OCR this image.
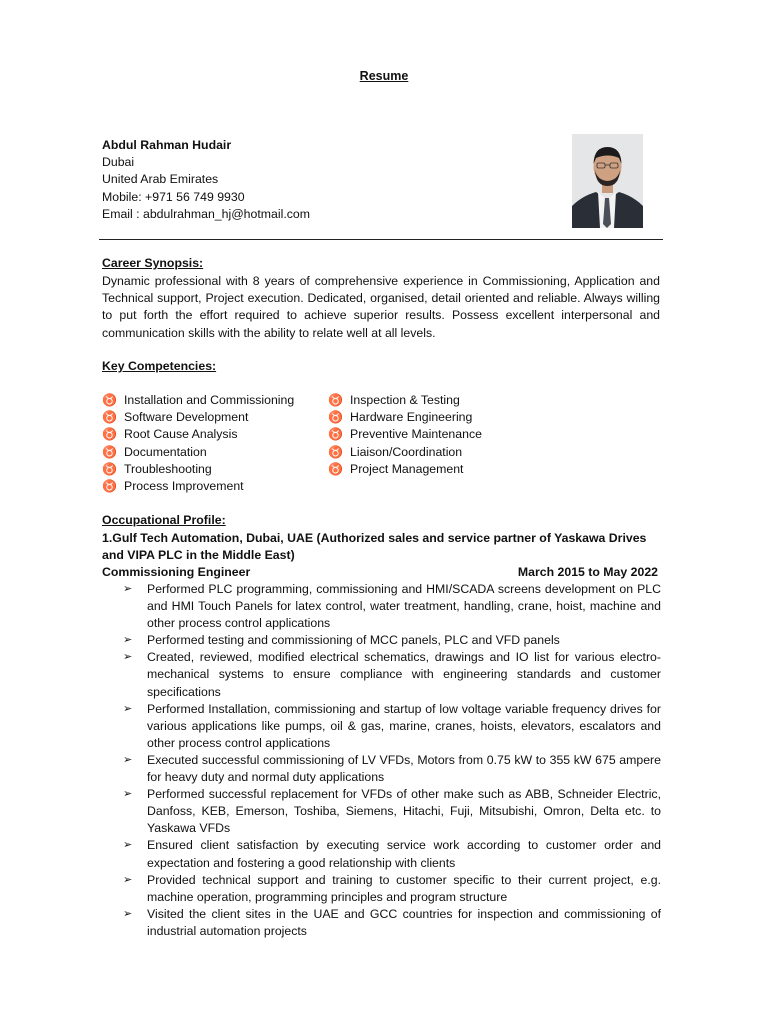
Resume
Abdul Rahman Hudair
Dubai
United Arab Emirates
Mobile: +971 56 749 9930
Email : abdulrahman_hj@hotmail.com
Career Synopsis:
Dynamic professional with 8 years of comprehensive experience in Commissioning, Application and Technical support, Project execution. Dedicated, organised, detail oriented and reliable. Always willing to put forth the effort required to achieve superior results. Possess excellent interpersonal and communication skills with the ability to relate well at all levels.
Key Competencies:
♉ Installation and Commissioning
♉ Software Development
♉ Root Cause Analysis
♉ Documentation
♉ Troubleshooting
♉ Process Improvement
♉ Inspection & Testing
♉ Hardware Engineering
♉ Preventive Maintenance
♉ Liaison/Coordination
♉ Project Management
Occupational Profile:
1.Gulf Tech Automation, Dubai, UAE (Authorized sales and service partner of Yaskawa Drives and VIPA PLC in the Middle East)
Commissioning Engineer	March 2015 to May 2022
➢ Performed PLC programming, commissioning and HMI/SCADA screens development on PLC and HMI Touch Panels for latex control, water treatment, handling, crane, hoist, machine and other process control applications
➢ Performed testing and commissioning of MCC panels, PLC and VFD panels
➢ Created, reviewed, modified electrical schematics, drawings and IO list for various electro-mechanical systems to ensure compliance with engineering standards and customer specifications
➢ Performed Installation, commissioning and startup of low voltage variable frequency drives for various applications like pumps, oil & gas, marine, cranes, hoists, elevators, escalators and other process control applications
➢ Executed successful commissioning of LV VFDs, Motors from 0.75 kW to 355 kW 675 ampere for heavy duty and normal duty applications
➢ Performed successful replacement for VFDs of other make such as ABB, Schneider Electric, Danfoss, KEB, Emerson, Toshiba, Siemens, Hitachi, Fuji, Mitsubishi, Omron, Delta etc. to Yaskawa VFDs
➢ Ensured client satisfaction by executing service work according to customer order and expectation and fostering a good relationship with clients
➢ Provided technical support and training to customer specific to their current project, e.g. machine operation, programming principles and program structure
➢ Visited the client sites in the UAE and GCC countries for inspection and commissioning of industrial automation projects
